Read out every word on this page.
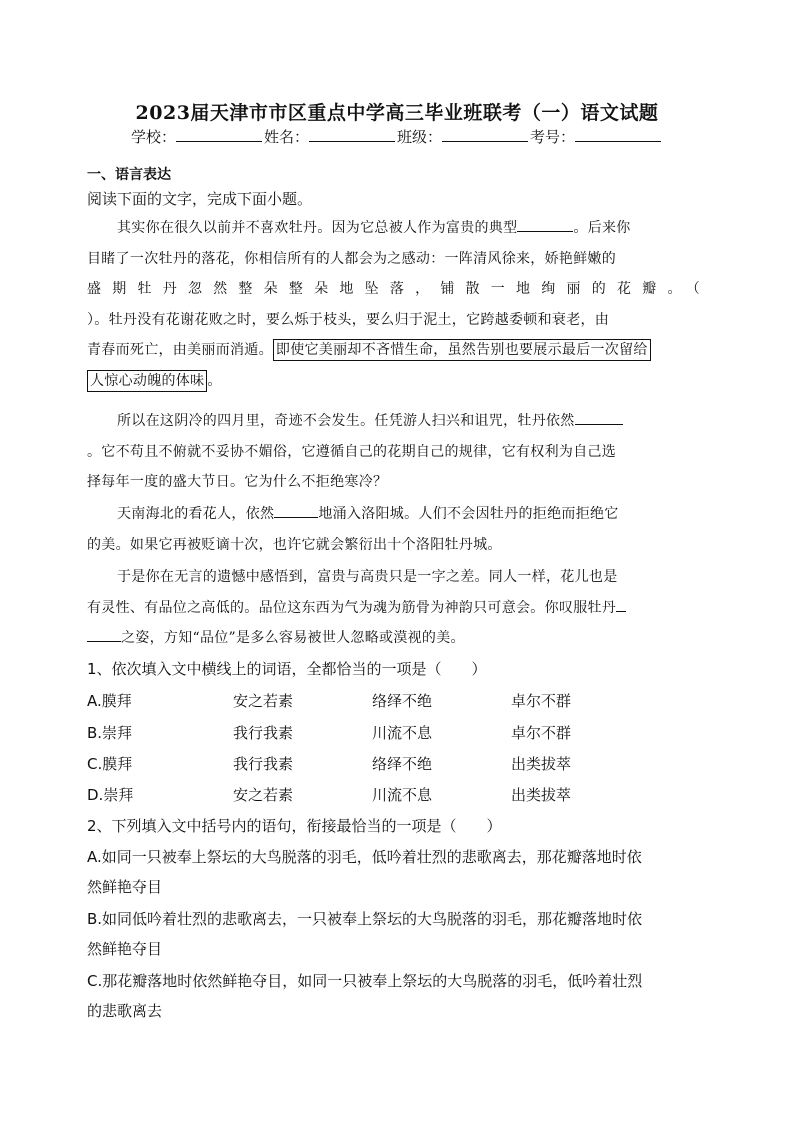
2023届天津市市区重点中学高三毕业班联考（一）语文试题
学校：	姓名：	班级：	考号：
一、语言表达
阅读下面的文字，完成下面小题。
其实你在很久以前并不喜欢牡丹。因为它总被人作为富贵的典型	。后来你
目睹了一次牡丹的落花，你相信所有的人都会为之感动：一阵清风徐来，娇艳鲜嫩的
盛期牡丹忽然整朵整朵地坠落，铺散一地绚丽的花瓣。（
）。牡丹没有花谢花败之时，要么烁于枝头，要么归于泥土，它跨越委顿和衰老，由
青春而死亡，由美丽而消遁。 即使它美丽却不吝惜生命，虽然告别也要展示最后一次留给
人惊心动魄的体味 。
所以在这阴冷的四月里，奇迹不会发生。任凭游人扫兴和诅咒，牡丹依然
。它不苟且不俯就不妥协不媚俗，它遵循自己的花期自己的规律，它有权利为自己选
择每年一度的盛大节日。它为什么不拒绝寒冷？
天南海北的看花人，依然	地涌入洛阳城。人们不会因牡丹的拒绝而拒绝它
的美。如果它再被贬谪十次，也许它就会繁衍出十个洛阳牡丹城。
于是你在无言的遗憾中感悟到，富贵与高贵只是一字之差。同人一样，花儿也是
有灵性、有品位之高低的。品位这东西为气为魂为筋骨为神韵只可意会。你叹服牡丹
之姿，方知“品位”是多么容易被世人忽略或漠视的美。
1、依次填入文中横线上的词语，全都恰当的一项是（　　）
A.膜拜	安之若素	络绎不绝	卓尔不群
B.崇拜	我行我素	川流不息	卓尔不群
C.膜拜	我行我素	络绎不绝	出类拔萃
D.崇拜	安之若素	川流不息	出类拔萃
2、下列填入文中括号内的语句，衔接最恰当的一项是（　　）
A.如同一只被奉上祭坛的大鸟脱落的羽毛，低吟着壮烈的悲歌离去，那花瓣落地时依
然鲜艳夺目
B.如同低吟着壮烈的悲歌离去，一只被奉上祭坛的大鸟脱落的羽毛，那花瓣落地时依
然鲜艳夺目
C.那花瓣落地时依然鲜艳夺目，如同一只被奉上祭坛的大鸟脱落的羽毛，低吟着壮烈
的悲歌离去
